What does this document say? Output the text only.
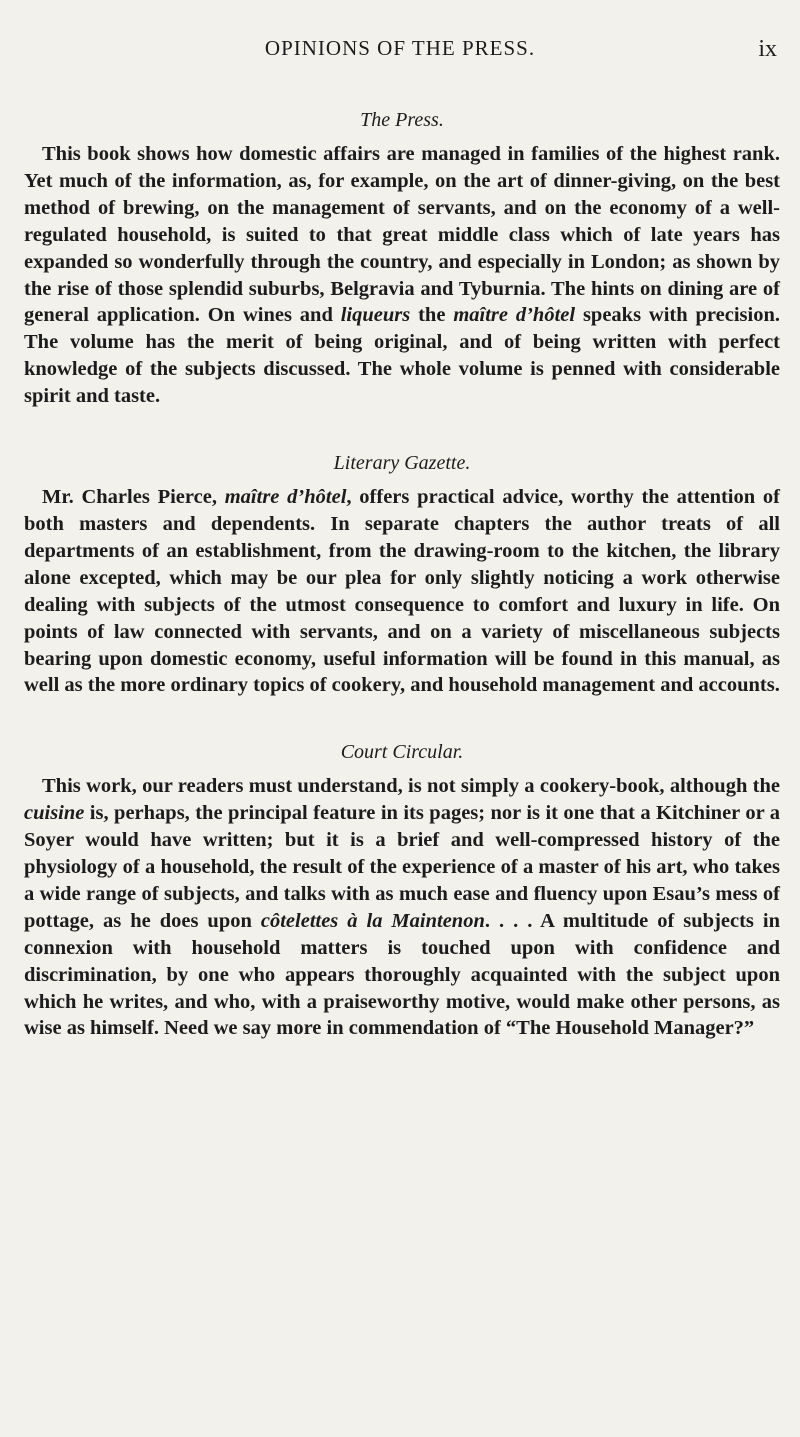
OPINIONS OF THE PRESS.	ix
The Press.

This book shows how domestic affairs are managed in families of the highest rank. Yet much of the information, as, for example, on the art of dinner-giving, on the best method of brewing, on the management of servants, and on the economy of a well-regulated household, is suited to that great middle class which of late years has expanded so wonderfully through the country, and especially in London; as shown by the rise of those splendid suburbs, Belgravia and Tyburnia. The hints on dining are of general application. On wines and liqueurs the maître d’hôtel speaks with precision. The volume has the merit of being original, and of being written with perfect knowledge of the subjects discussed. The whole volume is penned with considerable spirit and taste.

Literary Gazette.

Mr. Charles Pierce, maître d’hôtel, offers practical advice, worthy the attention of both masters and dependents. In separate chapters the author treats of all departments of an establishment, from the drawing-room to the kitchen, the library alone excepted, which may be our plea for only slightly noticing a work otherwise dealing with subjects of the utmost consequence to comfort and luxury in life. On points of law connected with servants, and on a variety of miscellaneous subjects bearing upon domestic economy, useful information will be found in this manual, as well as the more ordinary topics of cookery, and household management and accounts.

Court Circular.

This work, our readers must understand, is not simply a cookery-book, although the cuisine is, perhaps, the principal feature in its pages; nor is it one that a Kitchiner or a Soyer would have written; but it is a brief and well-compressed history of the physiology of a household, the result of the experience of a master of his art, who takes a wide range of subjects, and talks with as much ease and fluency upon Esau’s mess of pottage, as he does upon côtelettes à la Maintenon. . . . A multitude of subjects in connexion with household matters is touched upon with confidence and discrimination, by one who appears thoroughly acquainted with the subject upon which he writes, and who, with a praiseworthy motive, would make other persons, as wise as himself. Need we say more in commendation of “The Household Manager?”
